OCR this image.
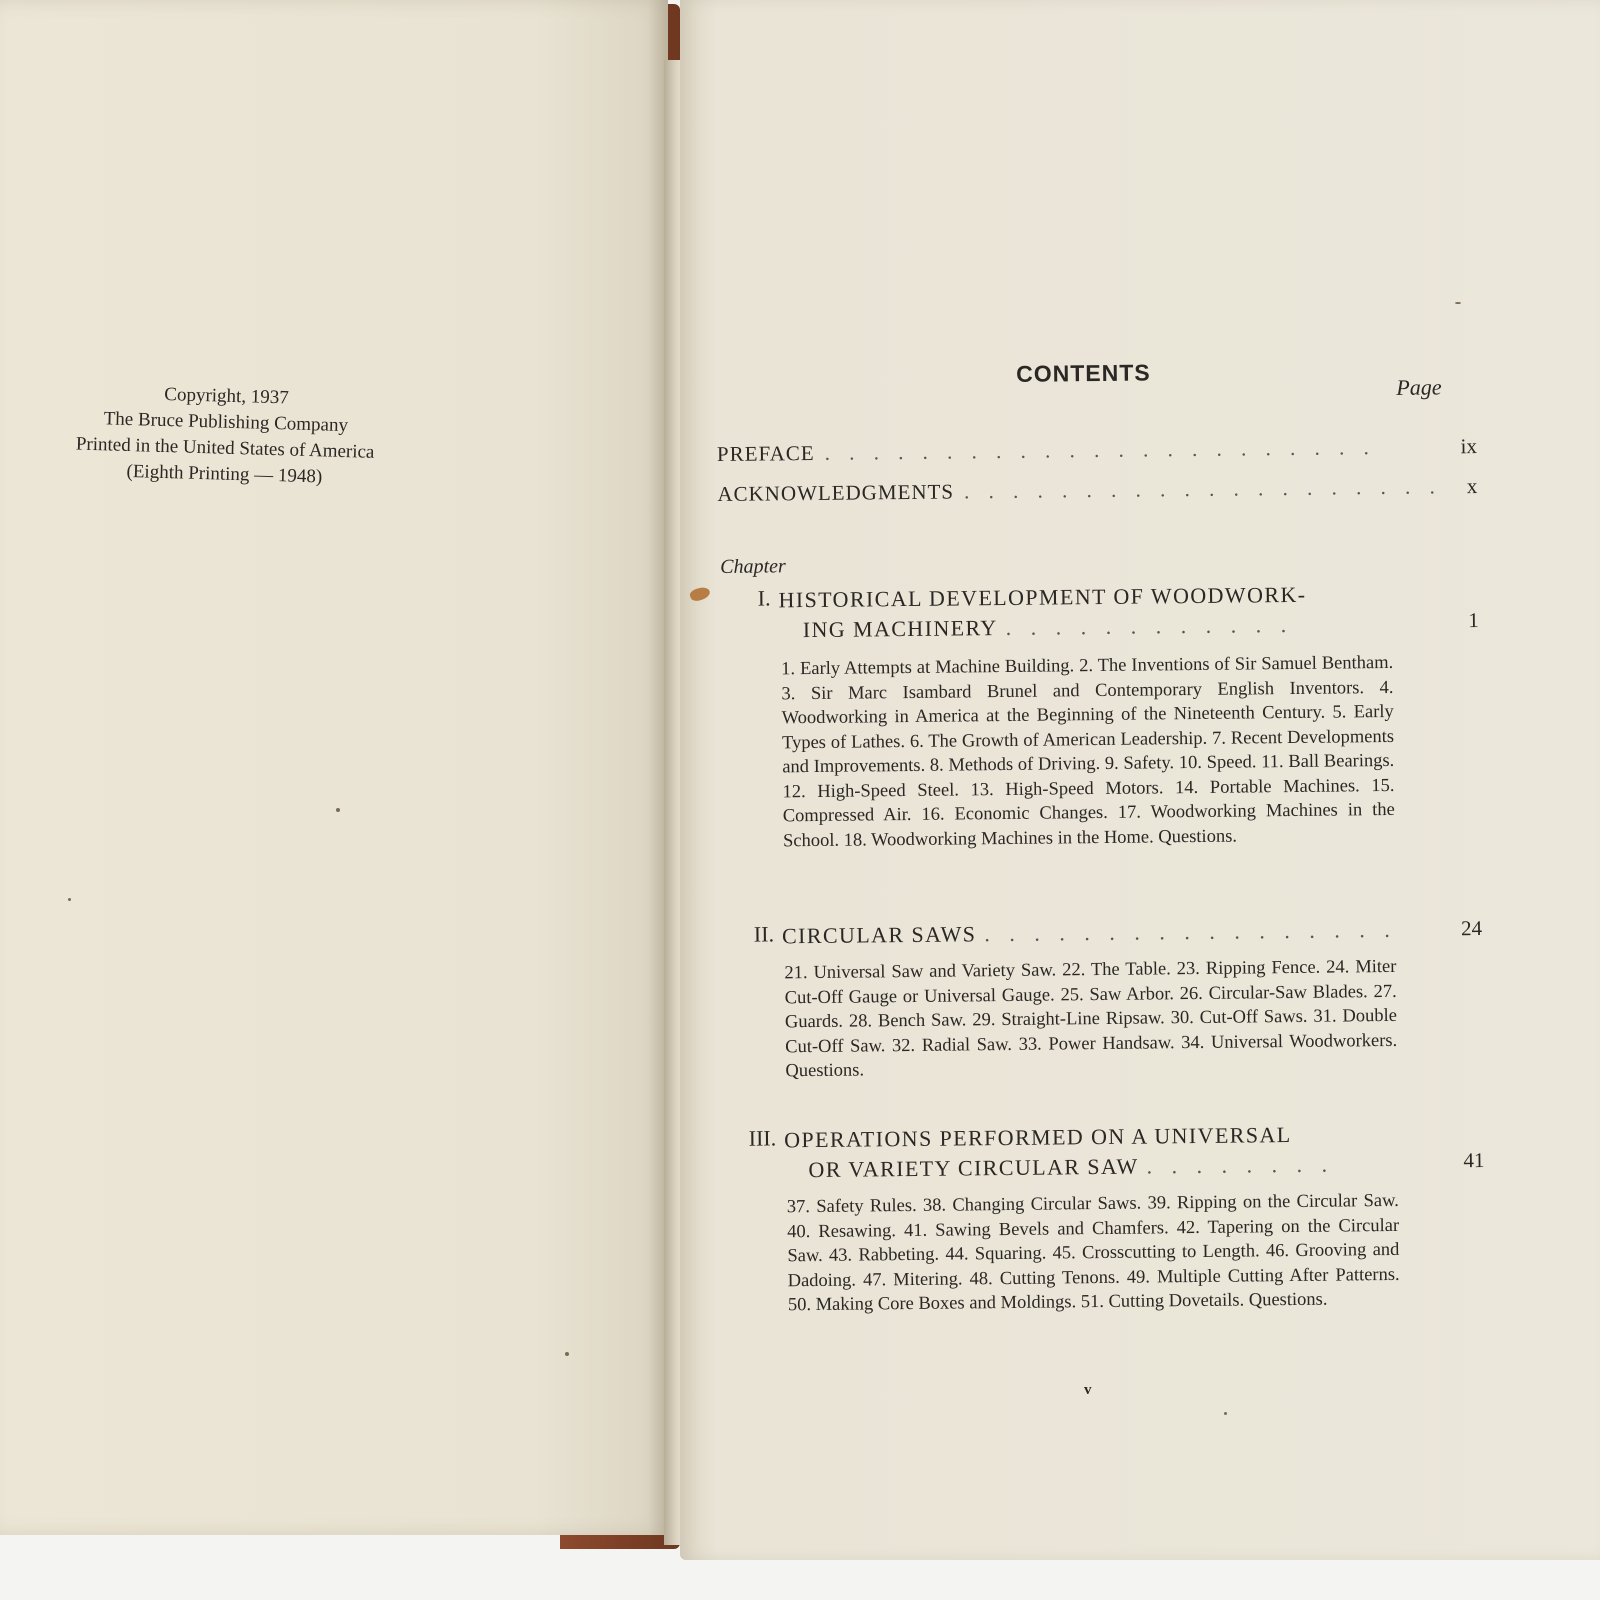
Copyright, 1937
The Bruce Publishing Company
Printed in the United States of America
(Eighth Printing — 1948)
CONTENTS
Page
PREFACE . . . . . . . . . . . . . . . . . . . . . . .	ix
ACKNOWLEDGMENTS . . . . . . . . . . . . . . . . . . . . x
Chapter
I. HISTORICAL DEVELOPMENT OF WOODWORK-
ING MACHINERY . . . . . . . . . . . .	1
1. Early Attempts at Machine Building. 2. The Inventions of Sir Samuel Bentham. 3. Sir Marc Isambard Brunel and Contemporary English Inventors. 4. Woodworking in America at the Beginning of the Nineteenth Century. 5. Early Types of Lathes. 6. The Growth of American Leadership. 7. Recent Developments and Improvements. 8. Methods of Driving. 9. Safety. 10. Speed. 11. Ball Bearings. 12. High-Speed Steel. 13. High-Speed Motors. 14. Portable Machines. 15. Compressed Air. 16. Economic Changes. 17. Woodworking Machines in the School. 18. Woodworking Machines in the Home. Questions.
II. CIRCULAR SAWS . . . . . . . . . . . . . . . . .	24
21. Universal Saw and Variety Saw. 22. The Table. 23. Ripping Fence. 24. Miter Cut-Off Gauge or Universal Gauge. 25. Saw Arbor. 26. Circular-Saw Blades. 27. Guards. 28. Bench Saw. 29. Straight-Line Ripsaw. 30. Cut-Off Saws. 31. Double Cut-Off Saw. 32. Radial Saw. 33. Power Handsaw. 34. Universal Woodworkers. Questions.
III. OPERATIONS PERFORMED ON A UNIVERSAL
OR VARIETY CIRCULAR SAW . . . . . . . .	41
37. Safety Rules. 38. Changing Circular Saws. 39. Ripping on the Circular Saw. 40. Resawing. 41. Sawing Bevels and Chamfers. 42. Tapering on the Circular Saw. 43. Rabbeting. 44. Squaring. 45. Crosscutting to Length. 46. Grooving and Dadoing. 47. Mitering. 48. Cutting Tenons. 49. Multiple Cutting After Patterns. 50. Making Core Boxes and Moldings. 51. Cutting Dovetails. Questions.
v
